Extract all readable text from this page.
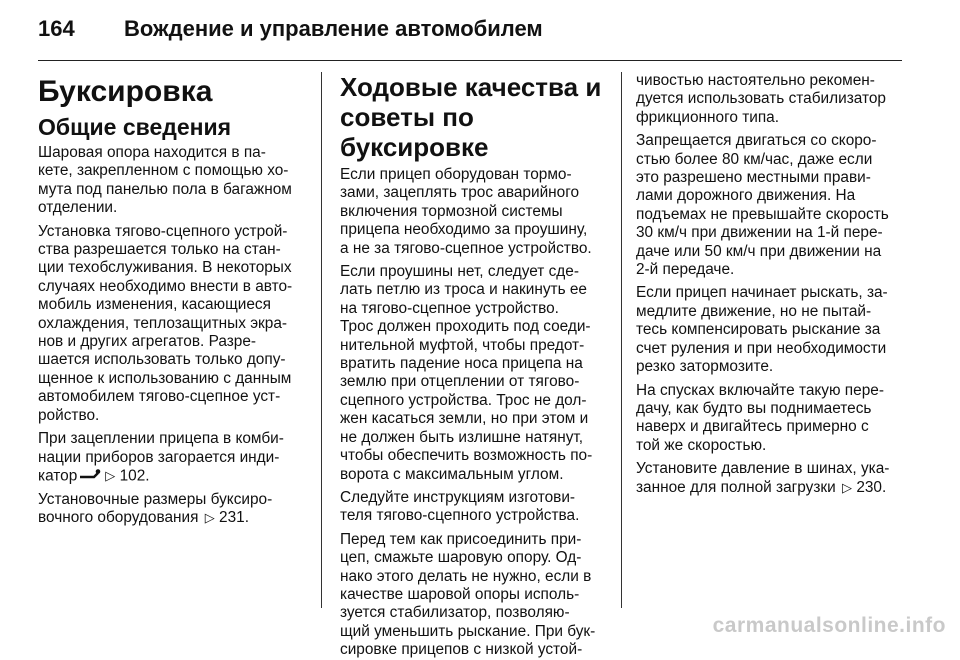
164	Вождение и управление автомобилем
Буксировка
Общие сведения

Шаровая опора находится в па-
кете, закрепленном с помощью хо-
мута под панелью пола в багажном
отделении.

Установка тягово-сцепного устрой-
ства разрешается только на стан-
ции техобслуживания. В некоторых
случаях необходимо внести в авто-
мобиль изменения, касающиеся
охлаждения, теплозащитных экра-
нов и других агрегатов. Разре-
шается использовать только допу-
щенное к использованию с данным
автомобилем тягово-сцепное уст-
ройство.

При зацеплении прицепа в комби-
нации приборов загорается инди-
катор ▷ 102.

Установочные размеры буксиро-
вочного оборудования ▷ 231.

Ходовые качества и
советы по буксировке

Если прицеп оборудован тормо-
зами, зацеплять трос аварийного
включения тормозной системы
прицепа необходимо за проушину,
а не за тягово-сцепное устройство.

Если проушины нет, следует сде-
лать петлю из троса и накинуть ее
на тягово-сцепное устройство.
Трос должен проходить под соеди-
нительной муфтой, чтобы предот-
вратить падение носа прицепа на
землю при отцеплении от тягово-
сцепного устройства. Трос не дол-
жен касаться земли, но при этом и
не должен быть излишне натянут,
чтобы обеспечить возможность по-
ворота с максимальным углом.

Следуйте инструкциям изготови-
теля тягово-сцепного устройства.

Перед тем как присоединить при-
цеп, смажьте шаровую опору. Од-
нако этого делать не нужно, если в
качестве шаровой опоры исполь-
зуется стабилизатор, позволяю-
щий уменьшить рыскание. При бук-
сировке прицепов с низкой устой-

чивостью настоятельно рекомен-
дуется использовать стабилизатор
фрикционного типа.

Запрещается двигаться со скоро-
стью более 80 км/час, даже если
это разрешено местными прави-
лами дорожного движения. На
подъемах не превышайте скорость
30 км/ч при движении на 1-й пере-
даче или 50 км/ч при движении на
2-й передаче.

Если прицеп начинает рыскать, за-
медлите движение, но не пытай-
тесь компенсировать рыскание за
счет руления и при необходимости
резко затормозите.

На спусках включайте такую пере-
дачу, как будто вы поднимаетесь
наверх и двигайтесь примерно с
той же скоростью.

Установите давление в шинах, ука-
занное для полной загрузки ▷ 230.

carmanualsonline.info
